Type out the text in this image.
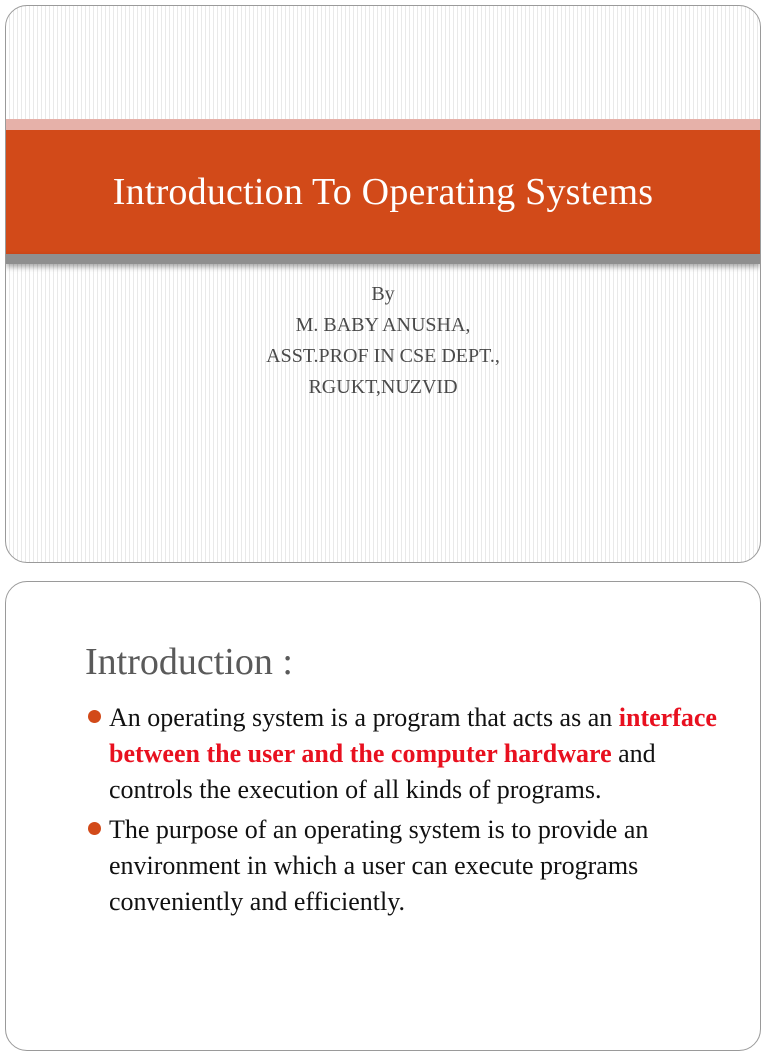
Introduction To Operating Systems
By
M. BABY ANUSHA,
ASST.PROF IN CSE DEPT.,
RGUKT,NUZVID
Introduction :
An operating system is a program that acts as an interface between the user and the computer hardware and controls the execution of all kinds of programs.
The purpose of an operating system is to provide an environment in which a user can execute programs conveniently and efficiently.
